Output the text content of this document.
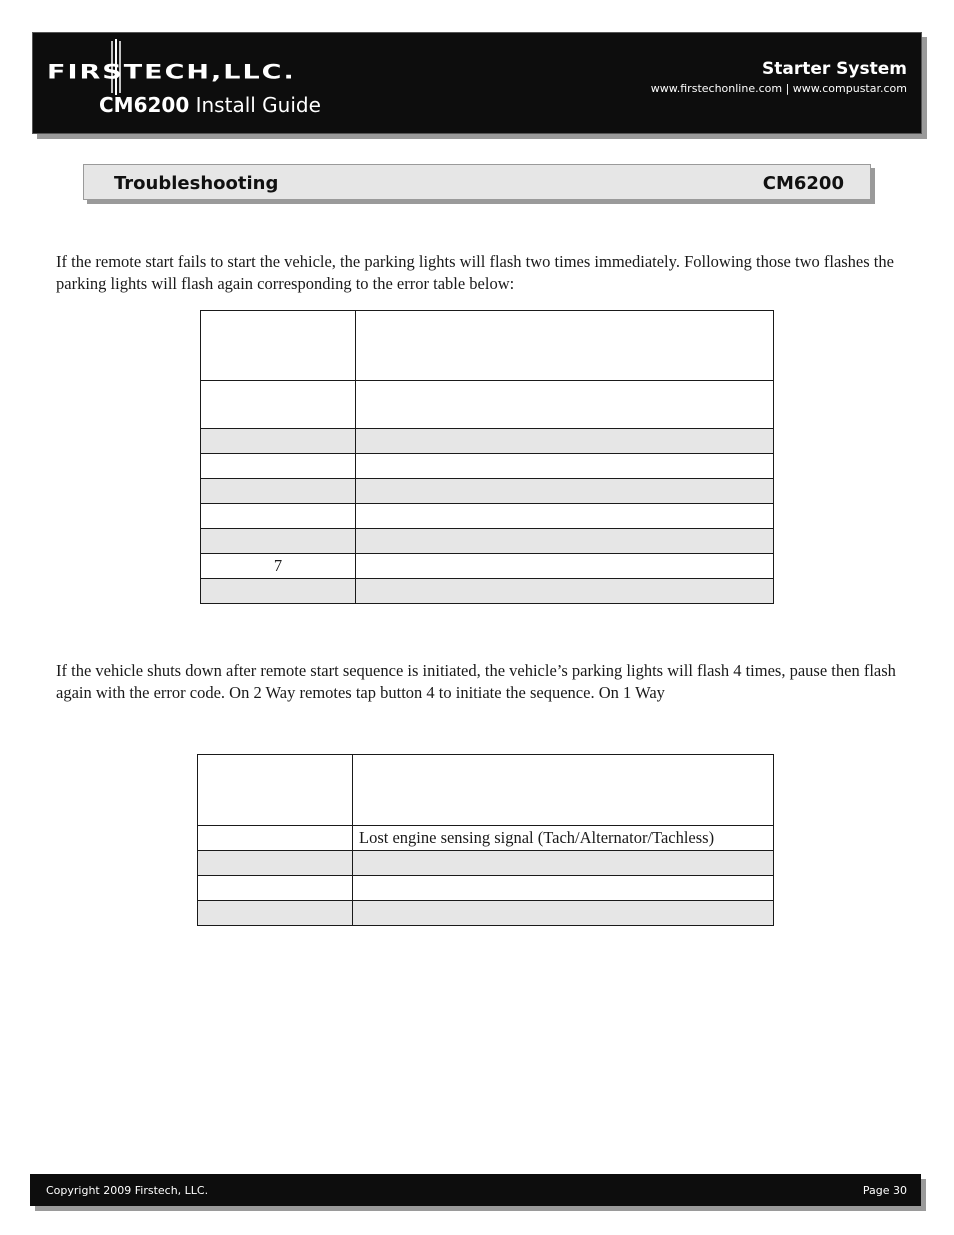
FIRSTECH,LLC.
CM6200 Install Guide
Starter System
www.firstechonline.com | www.compustar.com
Troubleshooting	CM6200
If the remote start fails to start the vehicle, the parking lights will flash two times immediately. Following those two flashes the parking lights will flash again corresponding to the error table below:

7	

If the vehicle shuts down after remote start sequence is initiated, the vehicle’s parking lights will flash 4 times, pause then flash again with the error code. On 2 Way remotes tap button 4 to initiate the sequence. On 1 Way

	Lost engine sensing signal (Tach/Alternator/Tachless)

Copyright 2009 Firstech, LLC.	Page 30
